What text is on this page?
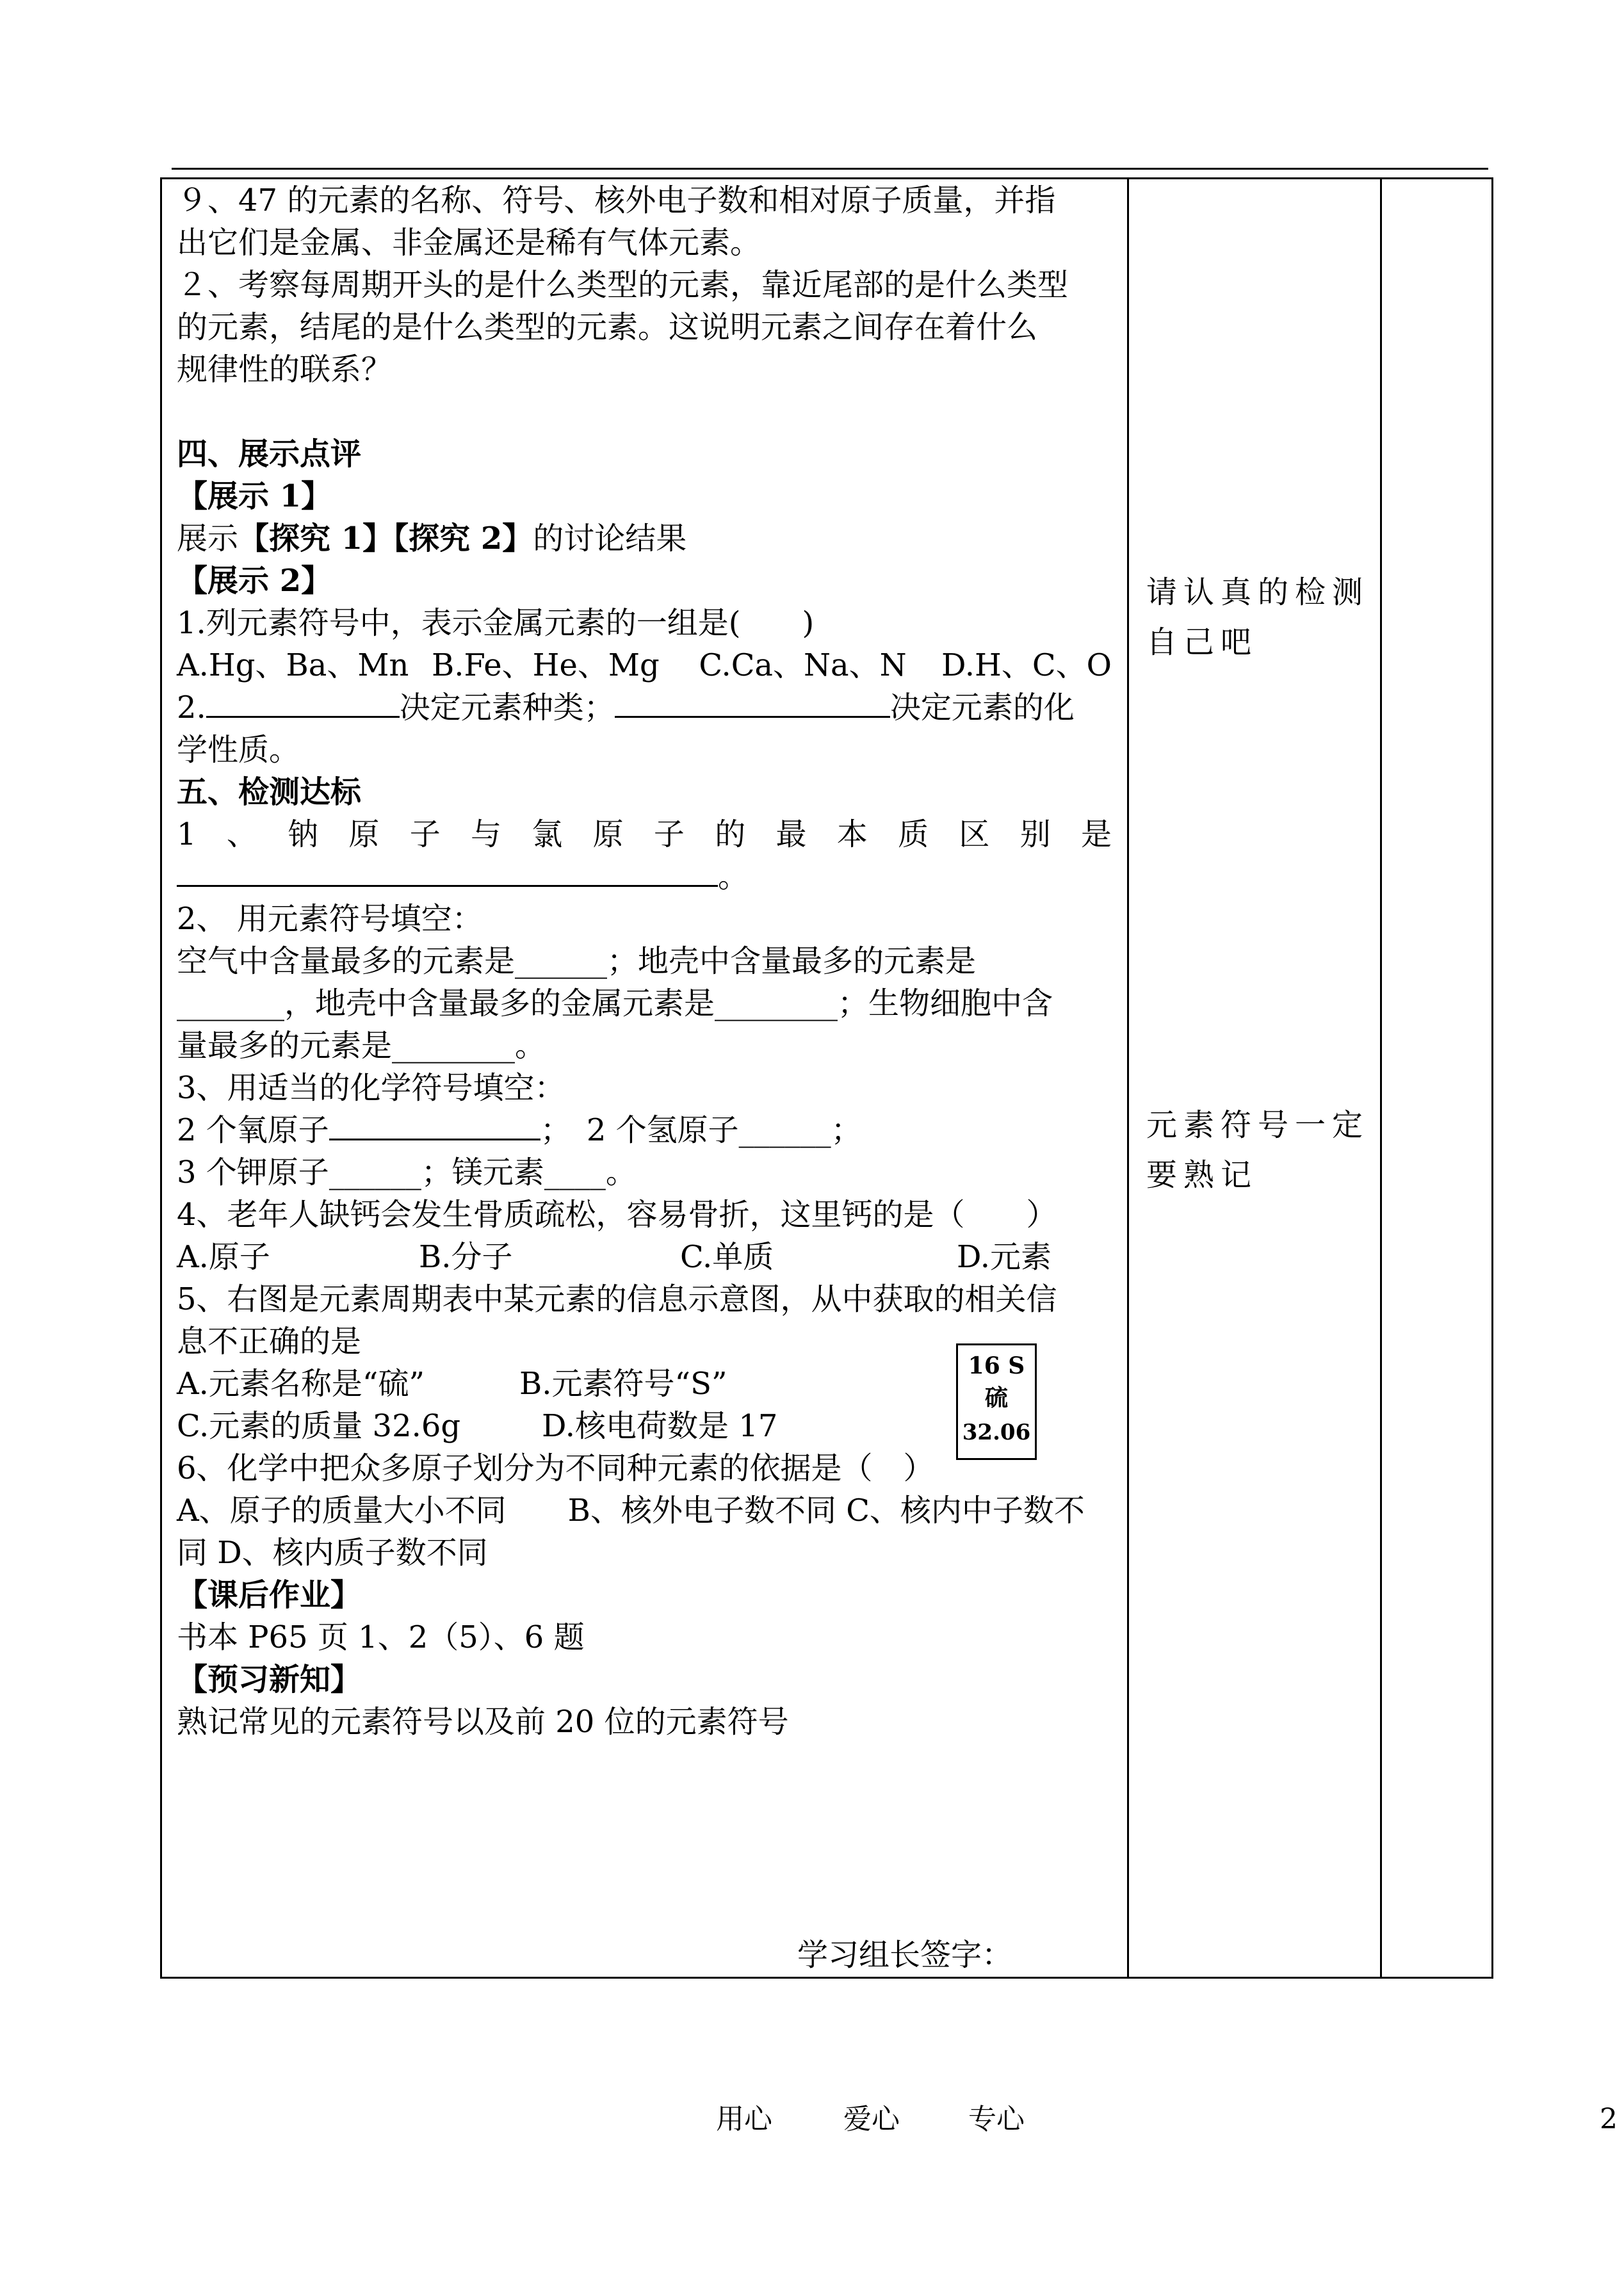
９、47 的元素的名称、符号、核外电子数和相对原子质量，并指
出它们是金属、非金属还是稀有气体元素。
２、考察每周期开头的是什么类型的元素，靠近尾部的是什么类型
的元素，结尾的是什么类型的元素。这说明元素之间存在着什么
规律性的联系？
四、展示点评
【展示 1】
展示【探究 1】【探究 2】的讨论结果
【展示 2】
1.列元素符号中，表示金属元素的一组是(　　)
A.Hg、Ba、Mn B.Fe、He、Mg	C.Ca、Na、N	D.H、C、O
2.	决定元素种类；	决定元素的化
学性质。
五、检测达标
1 、 钠 原 子 与 氯 原 子 的 最 本 质 区 别 是
。
2、 用元素符号填空：
空气中含量最多的元素是______；地壳中含量最多的元素是
_______，地壳中含量最多的金属元素是________；生物细胞中含
量最多的元素是________。
3、用适当的化学符号填空：
2 个氧原子	；　2 个氢原子______；
3 个钾原子______；镁元素____。
4、老年人缺钙会发生骨质疏松，容易骨折，这里钙的是（　　）
A.原子	B.分子	C.单质	D.元素
5、右图是元素周期表中某元素的信息示意图，从中获取的相关信
息不正确的是
A.元素名称是“硫”	B.元素符号“S”
C.元素的质量 32.6g	D.核电荷数是 17
6、化学中把众多原子划分为不同种元素的依据是（　）
A、原子的质量大小不同　　B、核外电子数不同 C、核内中子数不
同 D、核内质子数不同
【课后作业】
书本 P65 页 1、2（5）、6 题
【预习新知】
熟记常见的元素符号以及前 20 位的元素符号
16 S
硫
32.06
学习组长签字：
请认真的检测
自己吧
元素符号一定
要熟记
用心	爱心 专心	2
